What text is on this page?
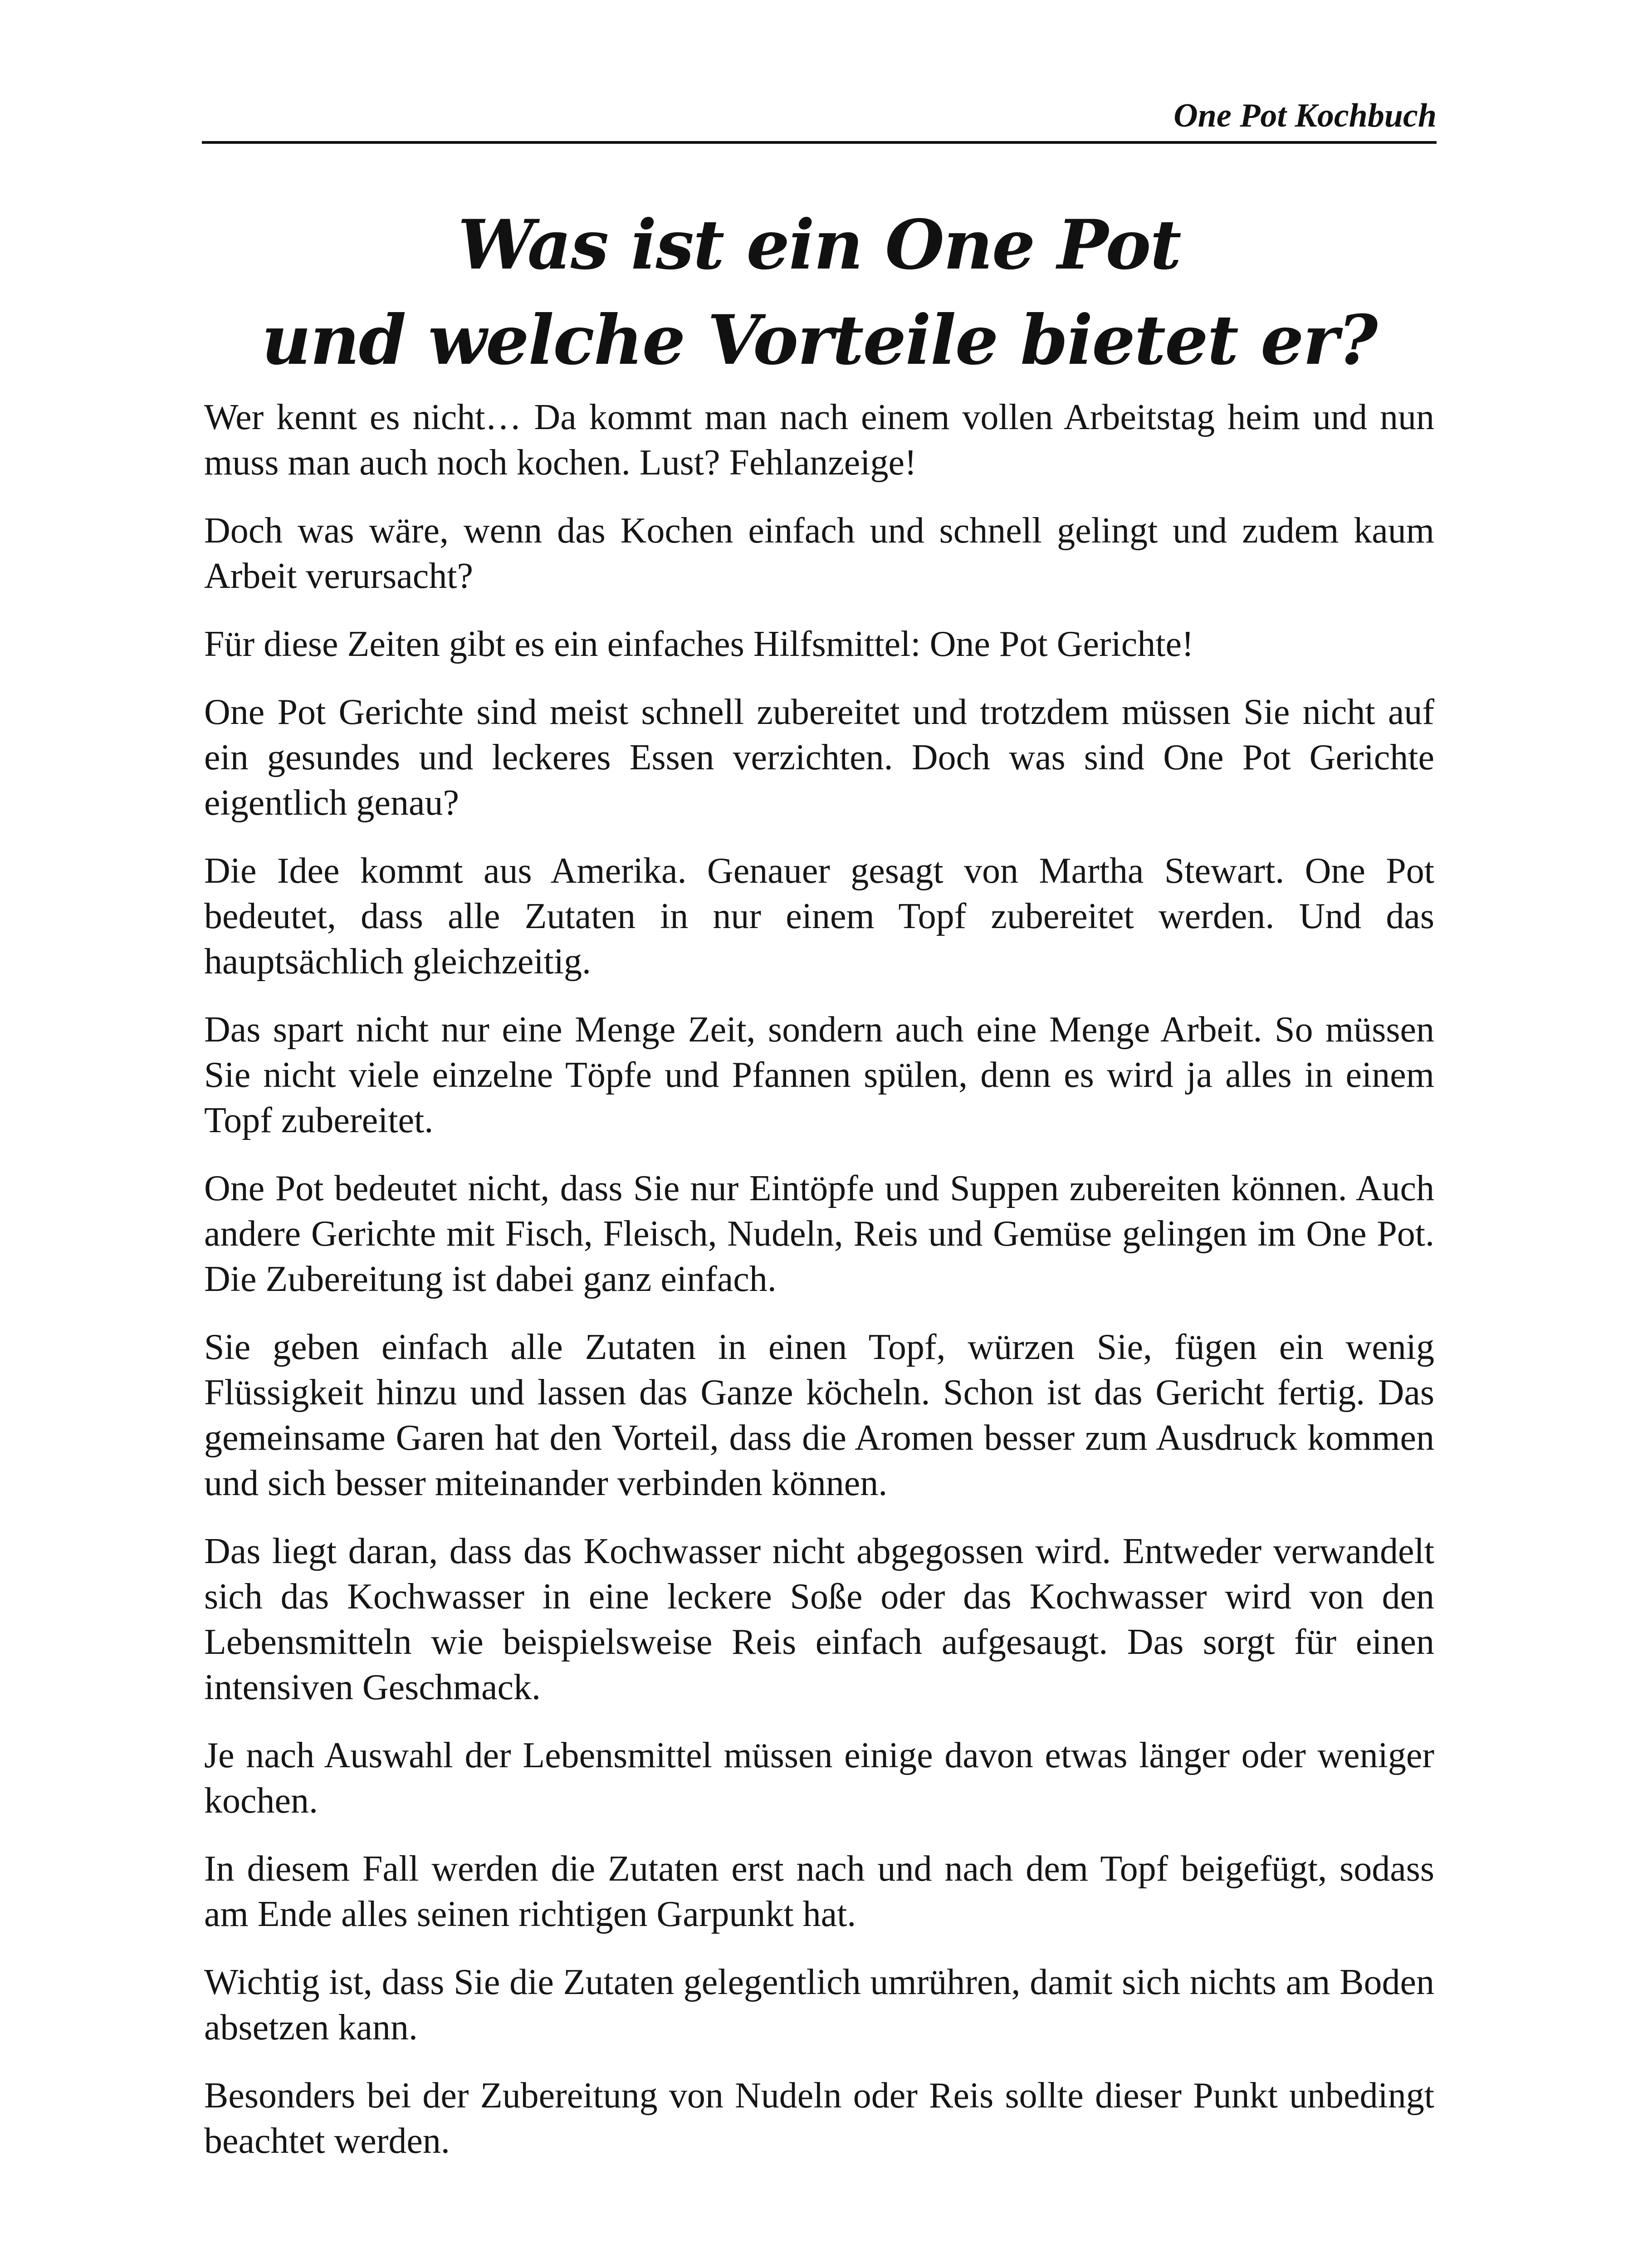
One Pot Kochbuch
Was ist ein One Pot
und welche Vorteile bietet er?

Wer kennt es nicht… Da kommt man nach einem vollen Arbeitstag heim und nun muss man auch noch kochen. Lust? Fehlanzeige!

Doch was wäre, wenn das Kochen einfach und schnell gelingt und zudem kaum Arbeit verursacht?

Für diese Zeiten gibt es ein einfaches Hilfsmittel: One Pot Gerichte!

One Pot Gerichte sind meist schnell zubereitet und trotzdem müssen Sie nicht auf ein gesundes und leckeres Essen verzichten. Doch was sind One Pot Gerichte eigentlich genau?

Die Idee kommt aus Amerika. Genauer gesagt von Martha Stewart. One Pot bedeutet, dass alle Zutaten in nur einem Topf zubereitet werden. Und das hauptsächlich gleichzeitig.

Das spart nicht nur eine Menge Zeit, sondern auch eine Menge Arbeit. So müssen Sie nicht viele einzelne Töpfe und Pfannen spülen, denn es wird ja alles in einem Topf zubereitet.

One Pot bedeutet nicht, dass Sie nur Eintöpfe und Suppen zubereiten können. Auch andere Gerichte mit Fisch, Fleisch, Nudeln, Reis und Gemüse gelingen im One Pot. Die Zubereitung ist dabei ganz einfach.

Sie geben einfach alle Zutaten in einen Topf, würzen Sie, fügen ein wenig Flüssigkeit hinzu und lassen das Ganze köcheln. Schon ist das Gericht fertig. Das gemeinsame Garen hat den Vorteil, dass die Aromen besser zum Ausdruck kommen und sich besser miteinander verbinden können.

Das liegt daran, dass das Kochwasser nicht abgegossen wird. Entweder verwandelt sich das Kochwasser in eine leckere Soße oder das Kochwasser wird von den Lebensmitteln wie beispielsweise Reis einfach aufgesaugt. Das sorgt für einen intensiven Geschmack.

Je nach Auswahl der Lebensmittel müssen einige davon etwas länger oder weniger kochen.

In diesem Fall werden die Zutaten erst nach und nach dem Topf beigefügt, sodass am Ende alles seinen richtigen Garpunkt hat.

Wichtig ist, dass Sie die Zutaten gelegentlich umrühren, damit sich nichts am Boden absetzen kann.

Besonders bei der Zubereitung von Nudeln oder Reis sollte dieser Punkt unbedingt beachtet werden.
